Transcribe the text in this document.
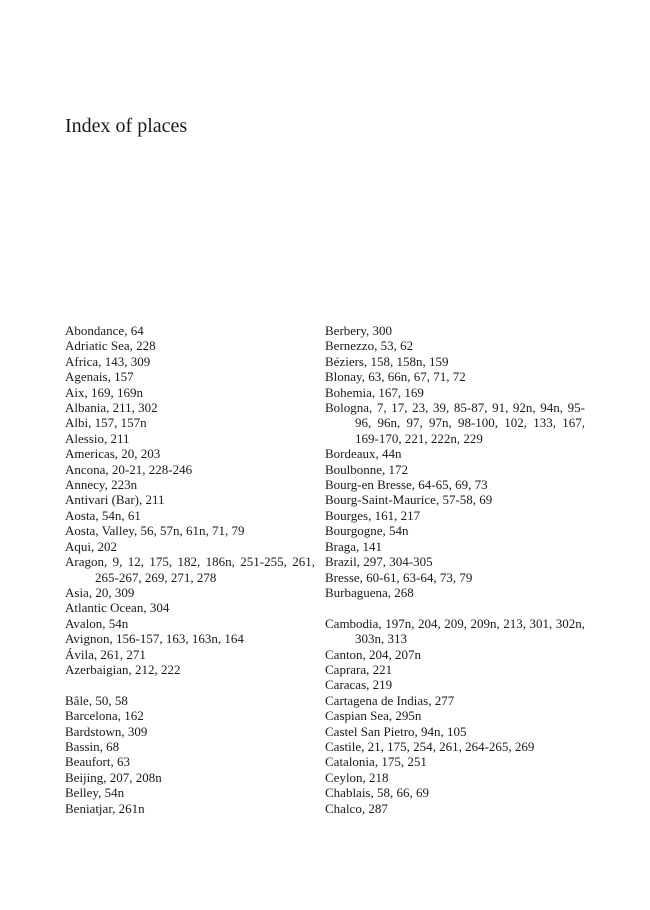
Index of places
Abondance, 64
Adriatic Sea, 228
Africa, 143, 309
Agenais, 157
Aix, 169, 169n
Albania, 211, 302
Albi, 157, 157n
Alessio, 211
Americas, 20, 203
Ancona, 20-21, 228-246
Annecy, 223n
Antivari (Bar), 211
Aosta, 54n, 61
Aosta, Valley, 56, 57n, 61n, 71, 79
Aqui, 202
Aragon, 9, 12, 175, 182, 186n, 251-255, 261, 265-267, 269, 271, 278
Asia, 20, 309
Atlantic Ocean, 304
Avalon, 54n
Avignon, 156-157, 163, 163n, 164
Ávila, 261, 271
Azerbaigian, 212, 222
Bâle, 50, 58
Barcelona, 162
Bardstown, 309
Bassin, 68
Beaufort, 63
Beijing, 207, 208n
Belley, 54n
Beniatjar, 261n
Berbery, 300
Bernezzo, 53, 62
Béziers, 158, 158n, 159
Blonay, 63, 66n, 67, 71, 72
Bohemia, 167, 169
Bologna, 7, 17, 23, 39, 85-87, 91, 92n, 94n, 95-96, 96n, 97, 97n, 98-100, 102, 133, 167, 169-170, 221, 222n, 229
Bordeaux, 44n
Boulbonne, 172
Bourg-en Bresse, 64-65, 69, 73
Bourg-Saint-Maurice, 57-58, 69
Bourges, 161, 217
Bourgogne, 54n
Braga, 141
Brazil, 297, 304-305
Bresse, 60-61, 63-64, 73, 79
Burbaguena, 268
Cambodia, 197n, 204, 209, 209n, 213, 301, 302n, 303n, 313
Canton, 204, 207n
Caprara, 221
Caracas, 219
Cartagena de Indias, 277
Caspian Sea, 295n
Castel San Pietro, 94n, 105
Castile, 21, 175, 254, 261, 264-265, 269
Catalonia, 175, 251
Ceylon, 218
Chablais, 58, 66, 69
Chalco, 287
